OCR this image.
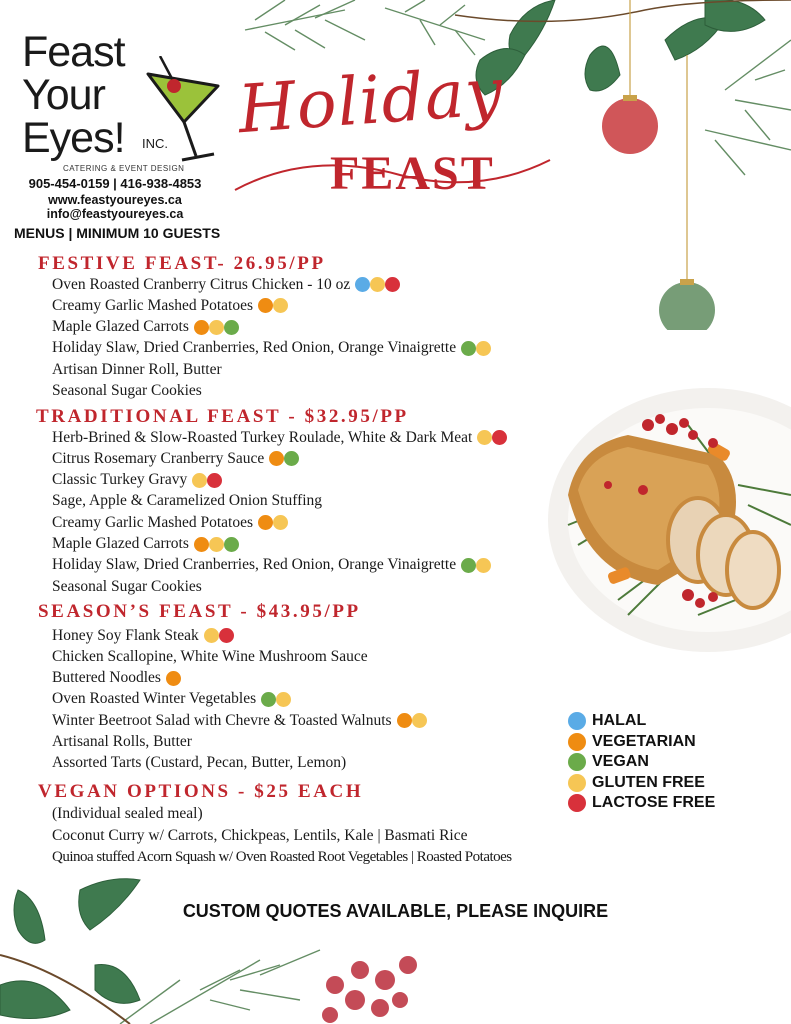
Feast
Your
Eyes! INC.
CATERING & EVENT DESIGN
905-454-0159 | 416-938-4853
www.feastyoureyes.ca
info@feastyoureyes.ca
MENUS | MINIMUM 10 GUESTS
Holiday
FEAST
FESTIVE FEAST- 26.95/PP
TRADITIONAL FEAST - $32.95/PP
SEASON’S FEAST - $43.95/PP
VEGAN OPTIONS - $25 EACH
CUSTOM QUOTES AVAILABLE, PLEASE INQUIRE
Oven Roasted Cranberry Citrus Chicken - 10 oz
Creamy Garlic Mashed Potatoes
Maple Glazed Carrots
Holiday Slaw, Dried Cranberries, Red Onion, Orange Vinaigrette
Artisan Dinner Roll, Butter
Seasonal Sugar Cookies
Herb-Brined & Slow-Roasted Turkey Roulade, White & Dark Meat
Citrus Rosemary Cranberry Sauce
Classic Turkey Gravy
Sage, Apple & Caramelized Onion Stuffing
Creamy Garlic Mashed Potatoes
Maple Glazed Carrots
Holiday Slaw, Dried Cranberries, Red Onion, Orange Vinaigrette
Seasonal Sugar Cookies
Honey Soy Flank Steak
Chicken Scallopine, White Wine Mushroom Sauce
Buttered Noodles
Oven Roasted Winter Vegetables
Winter Beetroot Salad with Chevre & Toasted Walnuts
Artisanal Rolls, Butter
Assorted Tarts (Custard, Pecan, Butter, Lemon)
(Individual sealed meal)
Coconut Curry w/ Carrots, Chickpeas, Lentils, Kale | Basmati Rice
Quinoa stuffed Acorn Squash w/ Oven Roasted Root Vegetables | Roasted Potatoes
HALAL
VEGETARIAN
VEGAN
GLUTEN FREE
LACTOSE FREE
